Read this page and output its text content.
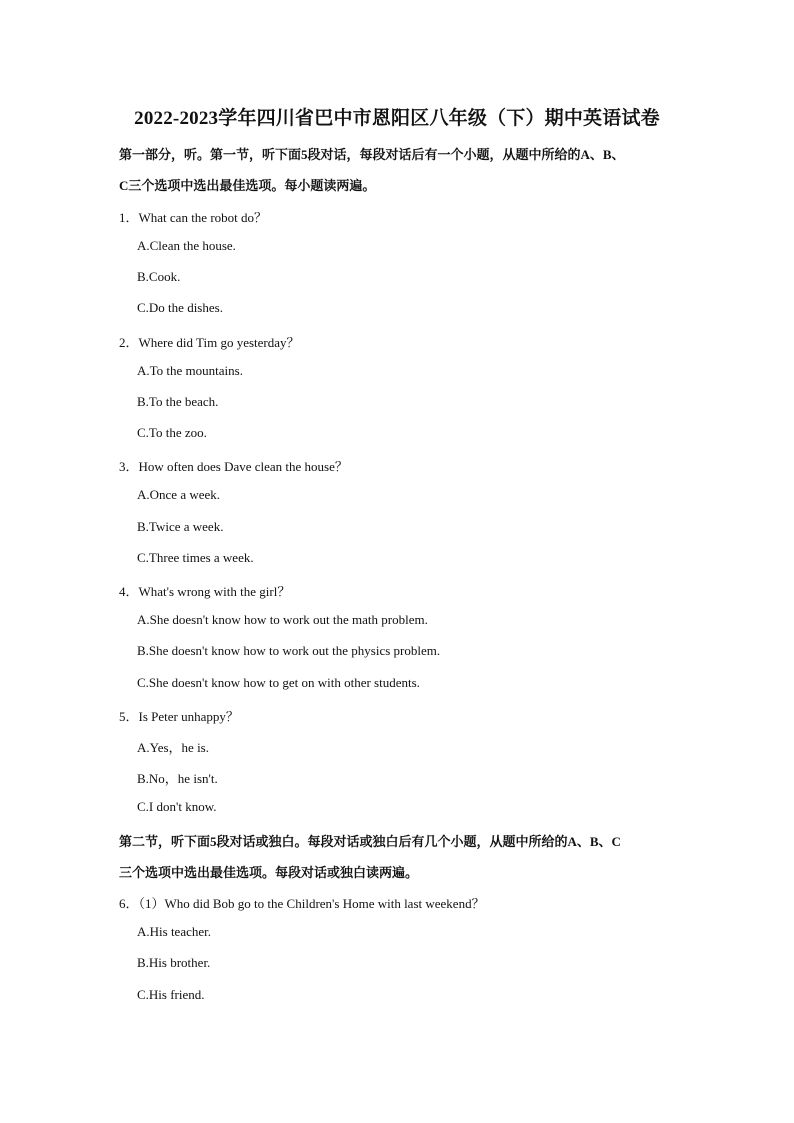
2022-2023学年四川省巴中市恩阳区八年级（下）期中英语试卷
第一部分，听。第一节，听下面5段对话，每段对话后有一个小题，从题中所给的A、B、
C三个选项中选出最佳选项。每小题读两遍。
1．What can the robot do？
A.Clean the house.
B.Cook.
C.Do the dishes.
2．Where did Tim go yesterday？
A.To the mountains.
B.To the beach.
C.To the zoo.
3．How often does Dave clean the house？
A.Once a week.
B.Twice a week.
C.Three times a week.
4．What's wrong with the girl？
A.She doesn't know how to work out the math problem.
B.She doesn't know how to work out the physics problem.
C.She doesn't know how to get on with other students.
5．Is Peter unhappy？
A.Yes，he is.
B.No，he isn't.
C.I don't know.
第二节，听下面5段对话或独白。每段对话或独白后有几个小题，从题中所给的A、B、C
三个选项中选出最佳选项。每段对话或独白读两遍。
6．（1）Who did Bob go to the Children's Home with last weekend？
A.His teacher.
B.His brother.
C.His friend.
